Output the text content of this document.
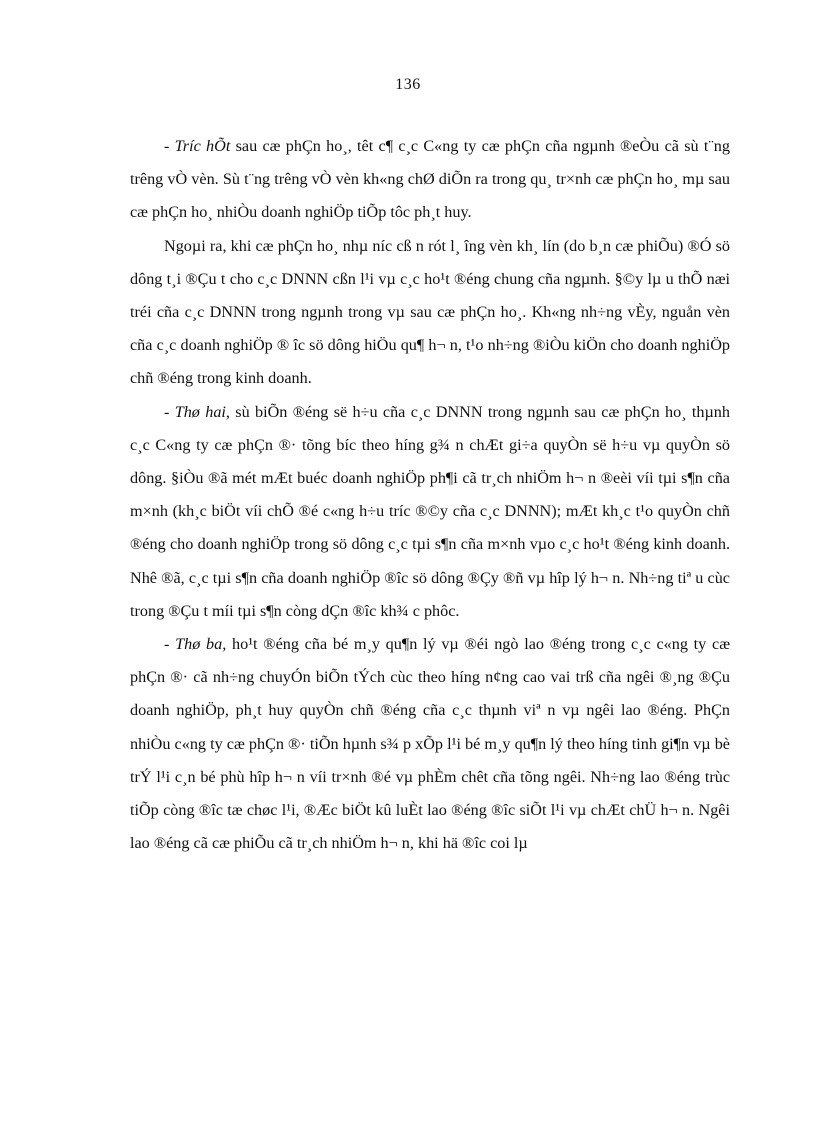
136

- Tríc hÕt sau cæ phÇn ho¸, têt c¶ c¸c C«ng ty cæ phÇn cña ngµnh ®eÒu cã sù t¨ng trêng vÒ vèn. Sù t¨ng trêng vÒ vèn kh«ng chØ diÕn ra trong qu¸ tr×nh cæ phÇn ho¸ mµ sau cæ phÇn ho¸ nhiÒu doanh nghiÖp tiÕp tôc ph¸t huy.

Ngoµi ra, khi cæ phÇn ho¸ nhµ níc cß n rót l¸ îng vèn kh¸ lín (do b¸n cæ phiÕu) ®Ó sö dông t¸i ®Çu t cho c¸c DNNN cßn l¹i vµ c¸c ho¹t ®éng chung cña ngµnh. §©y lµ u thÕ næi tréi cña c¸c DNNN trong ngµnh trong vµ sau cæ phÇn ho¸. Kh«ng nh÷ng vÈy, nguån vèn cña c¸c doanh nghiÖp ® îc sö dông hiÖu qu¶ h¬ n, t¹o nh÷ng ®iÒu kiÖn cho doanh nghiÖp chñ ®éng trong kinh doanh.

- Thø hai, sù biÕn ®éng së h÷u cña c¸c DNNN trong ngµnh sau cæ phÇn ho¸ thµnh c¸c C«ng ty cæ phÇn ®· tõng bíc theo híng g¾ n chÆt gi÷a quyÒn së h÷u vµ quyÒn sö dông. §iÒu ®ã mét mÆt buéc doanh nghiÖp ph¶i cã tr¸ch nhiÖm h¬ n ®eèi víi tµi s¶n cña m×nh (kh¸c biÖt víi chÕ ®é c«ng h÷u tríc ®©y cña c¸c DNNN); mÆt kh¸c t¹o quyÒn chñ ®éng cho doanh nghiÖp trong sö dông c¸c tµi s¶n cña m×nh vµo c¸c ho¹t ®éng kinh doanh. Nhê ®ã, c¸c tµi s¶n cña doanh nghiÖp ®îc sö dông ®Çy ®ñ vµ hîp lý h¬ n. Nh÷ng tiª u cùc trong ®Çu t míi tµi s¶n còng dÇn ®îc kh¾ c phôc.

- Thø ba, ho¹t ®éng cña bé m¸y qu¶n lý vµ ®éi ngò lao ®éng trong c¸c c«ng ty cæ phÇn ®· cã nh÷ng chuyÓn biÕn tÝch cùc theo híng n¢ng cao vai trß cña ngêi ®¸ng ®Çu doanh nghiÖp, ph¸t huy quyÒn chñ ®éng cña c¸c thµnh viª n vµ ngêi lao ®éng. PhÇn nhiÒu c«ng ty cæ phÇn ®· tiÕn hµnh s¾ p xÕp l¹i bé m¸y qu¶n lý theo híng tinh gi¶n vµ bè trÝ l¹i c¸n bé phù hîp h¬ n víi tr×nh ®é vµ phÈm chêt cña tõng ngêi. Nh÷ng lao ®éng trùc tiÕp còng ®îc tæ chøc l¹i, ®Æc biÖt kû luÈt lao ®éng ®îc siÕt l¹i vµ chÆt chÜ h¬ n. Ngêi lao ®éng cã cæ phiÕu cã tr¸ch nhiÖm h¬ n, khi hä ®îc coi lµ
